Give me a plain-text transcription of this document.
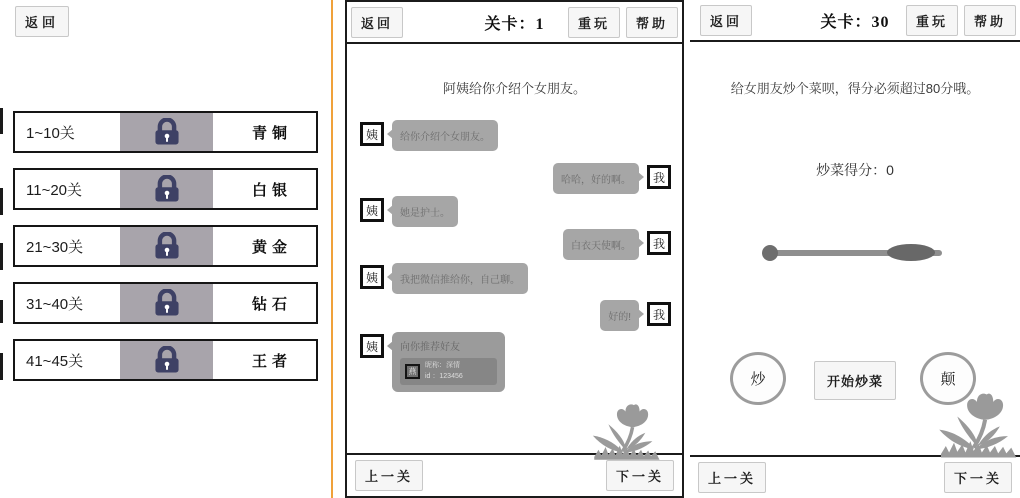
返回
1~10关	青铜
11~20关	白银
21~30关	黄金
31~40关	钻石
41~45关	王者
返回	关卡：1	重玩	帮助
阿姨给你介绍个女朋友。
姨	给你介绍个女朋友。
哈哈，好的啊。	我
姨	她是护士。
白衣天使啊。	我
姨	我把微信推给你，自己聊。
好的!	我
姨	向你推荐好友
燕
昵称：深情
id ：123456
上一关	下一关
返回	关卡：30	重玩	帮助
给女朋友炒个菜呗，得分必须超过80分哦。
炒菜得分：0
炒	开始炒菜	颠
上一关	下一关
